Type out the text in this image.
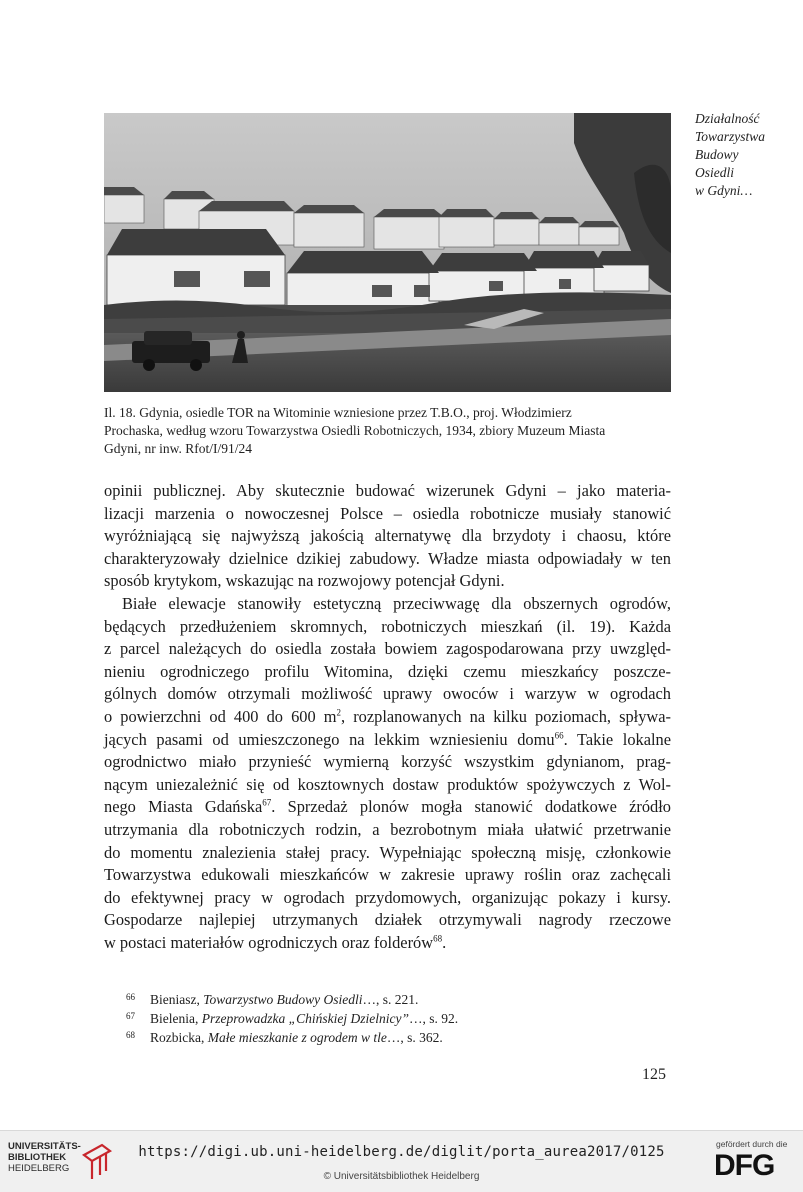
Działalność
Towarzystwa
Budowy
Osiedli
w Gdyni…
Il. 18. Gdynia, osiedle TOR na Witominie wzniesione przez T.B.O., proj. Włodzimierz
Prochaska, według wzoru Towarzystwa Osiedli Robotniczych, 1934, zbiory Muzeum Miasta
Gdyni, nr inw. Rfot/I/91/24
opinii publicznej. Aby skutecznie budować wizerunek Gdyni – jako materia-
lizacji marzenia o nowoczesnej Polsce – osiedla robotnicze musiały stanowić
wyróżniającą się najwyższą jakością alternatywę dla brzydoty i chaosu, które
charakteryzowały dzielnice dzikiej zabudowy. Władze miasta odpowiadały w ten
sposób krytykom, wskazując na rozwojowy potencjał Gdyni.
Białe elewacje stanowiły estetyczną przeciwwagę dla obszernych ogrodów,
będących przedłużeniem skromnych, robotniczych mieszkań (il. 19). Każda
z parcel należących do osiedla została bowiem zagospodarowana przy uwzględ-
nieniu ogrodniczego profilu Witomina, dzięki czemu mieszkańcy poszcze-
gólnych domów otrzymali możliwość uprawy owoców i warzyw w ogrodach
o powierzchni od 400 do 600 $m^2$, rozplanowanych na kilku poziomach, spływa-
jących pasami od umieszczonego na lekkim wzniesieniu domu$^{66}$. Takie lokalne
ogrodnictwo miało przynieść wymierną korzyść wszystkim gdynianom, prag-
nącym uniezależnić się od kosztownych dostaw produktów spożywczych z Wol-
nego Miasta Gdańska$^{67}$. Sprzedaż plonów mogła stanowić dodatkowe źródło
utrzymania dla robotniczych rodzin, a bezrobotnym miała ułatwić przetrwanie
do momentu znalezienia stałej pracy. Wypełniając społeczną misję, członkowie
Towarzystwa edukowali mieszkańców w zakresie uprawy roślin oraz zachęcali
do efektywnej pracy w ogrodach przydomowych, organizując pokazy i kursy.
Gospodarze najlepiej utrzymanych działek otrzymywali nagrody rzeczowe
w postaci materiałów ogrodniczych oraz folderów$^{68}$.
66 Bieniasz, Towarzystwo Budowy Osiedli…, s. 221.
67 Bielenia, Przeprowadzka „Chińskiej Dzielnicy”…, s. 92.
68 Rozbicka, Małe mieszkanie z ogrodem w tle…, s. 362.
125
UNIVERSITÄTS-
BIBLIOTHEK
HEIDELBERG
https://digi.ub.uni-heidelberg.de/diglit/porta_aurea2017/0125
© Universitätsbibliothek Heidelberg
gefördert durch die
DFG
